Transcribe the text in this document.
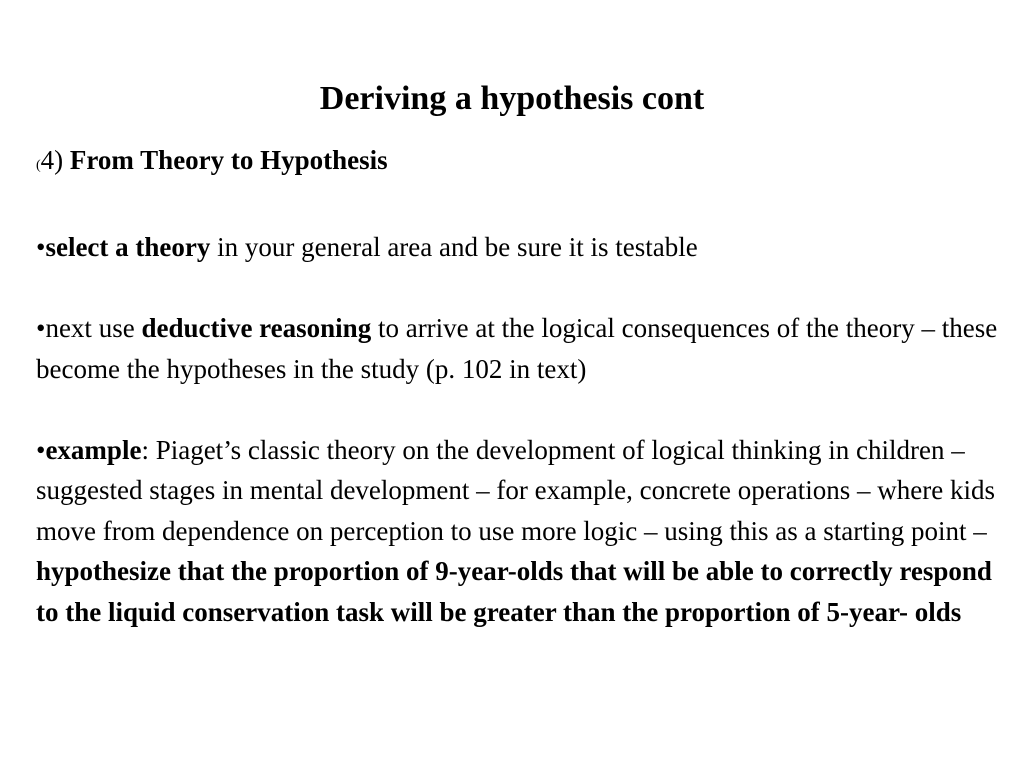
Deriving a hypothesis cont

(4) From Theory to Hypothesis

•select a theory in your general area and be sure it is testable

•next use deductive reasoning to arrive at the logical consequences of the theory – these become the hypotheses in the study (p. 102 in text)

•example: Piaget’s classic theory on the development of logical thinking in children – suggested stages in mental development – for example, concrete operations – where kids move from dependence on perception to use more logic – using this as a starting point – hypothesize that the proportion of 9-year-olds that will be able to correctly respond to the liquid conservation task will be greater than the proportion of 5-year- olds
